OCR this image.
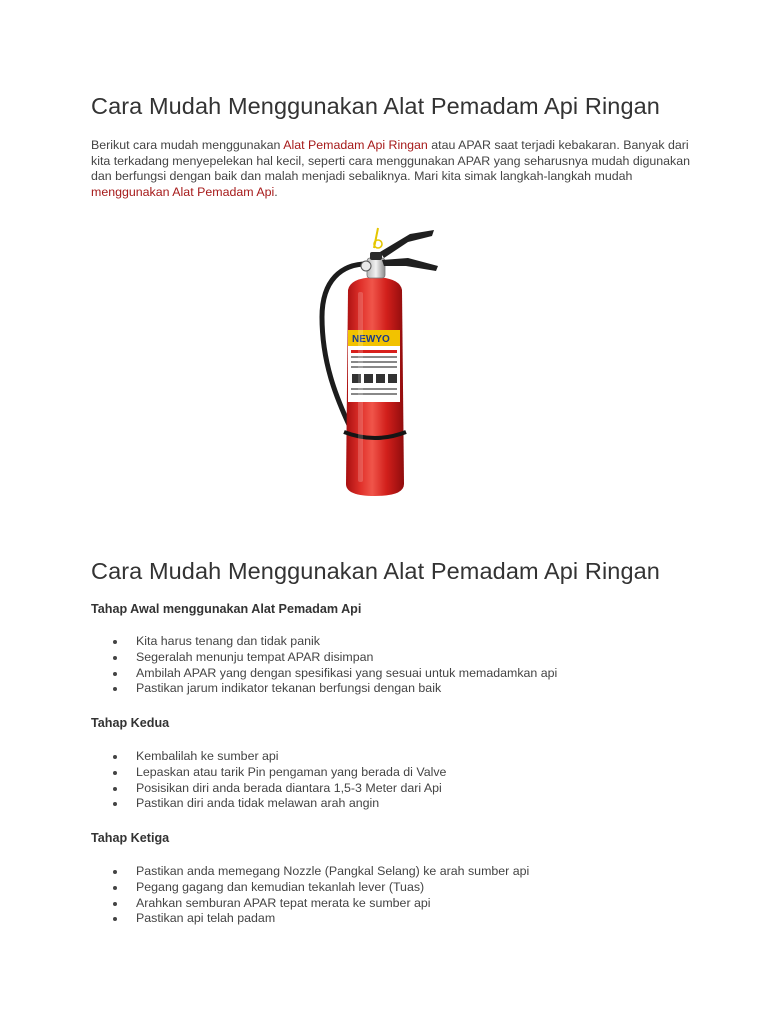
Cara Mudah Menggunakan Alat Pemadam Api Ringan

Berikut cara mudah menggunakan Alat Pemadam Api Ringan atau APAR saat terjadi kebakaran. Banyak dari kita terkadang menyepelekan hal kecil, seperti cara menggunakan APAR yang seharusnya mudah digunakan dan berfungsi dengan baik dan malah menjadi sebaliknya. Mari kita simak langkah-langkah mudah menggunakan Alat Pemadam Api.

NEWYO
Cara Mudah Menggunakan Alat Pemadam Api Ringan
Tahap Awal menggunakan Alat Pemadam Api
Kita harus tenang dan tidak panik
Segeralah menunju tempat APAR disimpan
Ambilah APAR yang dengan spesifikasi yang sesuai untuk memadamkan api
Pastikan jarum indikator tekanan berfungsi dengan baik
Tahap Kedua
Kembalilah ke sumber api
Lepaskan atau tarik Pin pengaman yang berada di Valve
Posisikan diri anda berada diantara 1,5-3 Meter dari Api
Pastikan diri anda tidak melawan arah angin
Tahap Ketiga
Pastikan anda memegang Nozzle (Pangkal Selang) ke arah sumber api
Pegang gagang dan kemudian tekanlah lever (Tuas)
Arahkan semburan APAR tepat merata ke sumber api
Pastikan api telah padam
